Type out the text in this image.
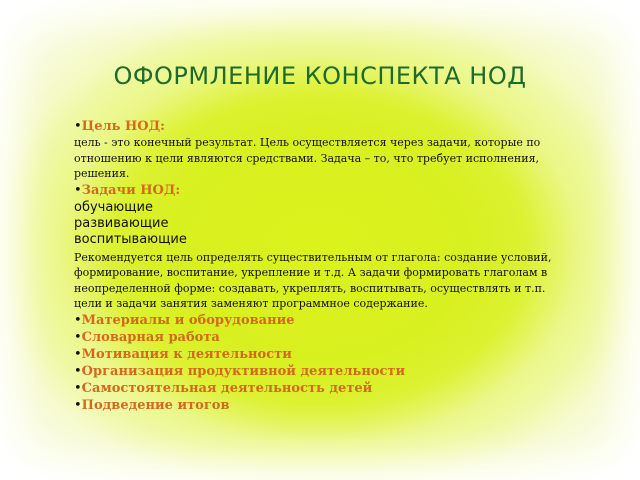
ОФОРМЛЕНИЕ КОНСПЕКТА НОД
•Цель НОД:

цель - это конечный результат. Цель осуществляется через задачи, которые по отношению к цели являются средствами. Задача – то, что требует исполнения, решения.

•Задачи НОД:
обучающие
развивающие
воспитывающие

Рекомендуется цель определять существительным от глагола: создание условий, формирование, воспитание, укрепление и т.д. А задачи формировать глаголам в неопределенной форме: создавать, укреплять, воспитывать, осуществлять и т.п. цели и задачи занятия заменяют программное содержание.

•Материалы и оборудование
•Словарная работа
•Мотивация к деятельности
•Организация продуктивной деятельности
•Самостоятельная деятельность детей
•Подведение итогов
